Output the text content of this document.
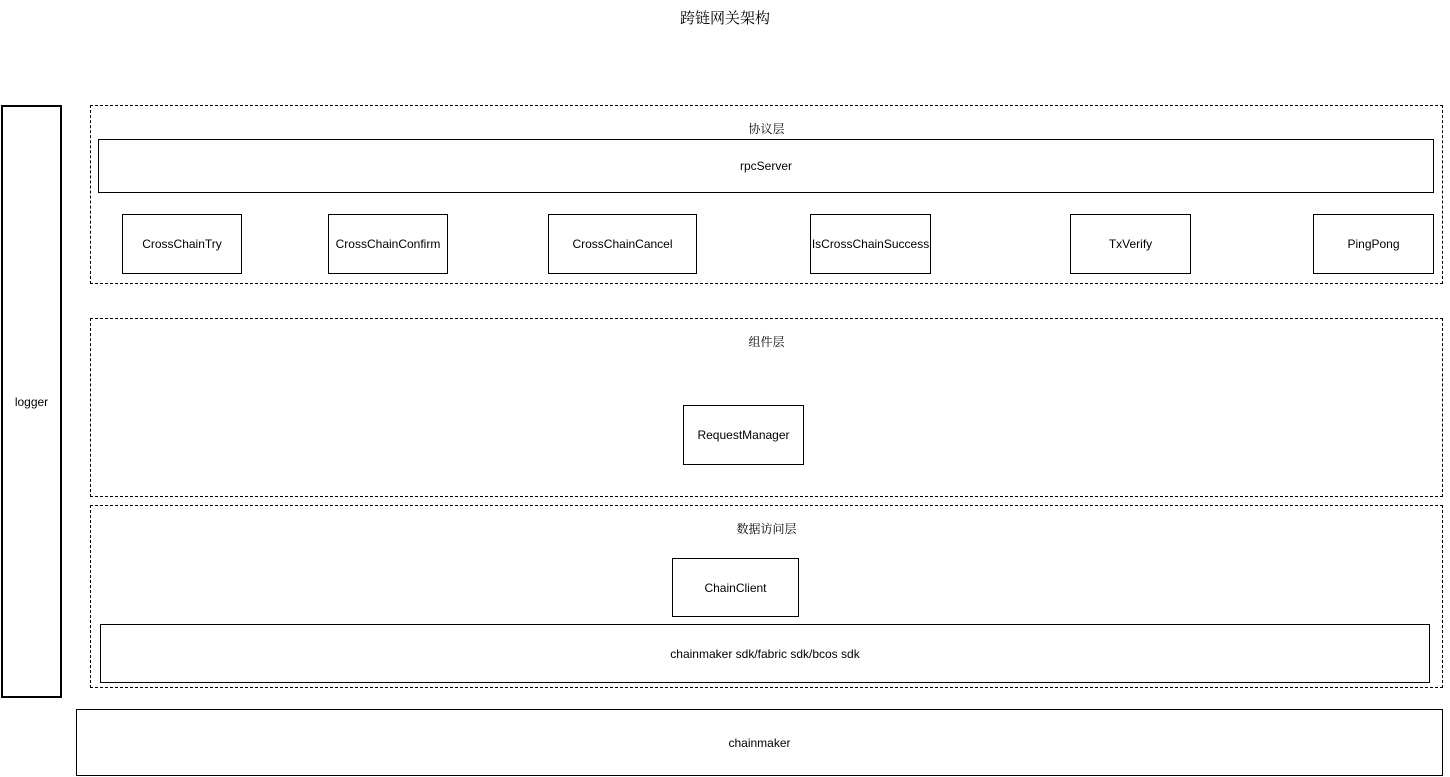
跨链网关架构
logger
协议层
rpcServer
CrossChainTry	CrossChainConfirm	CrossChainCancel	IsCrossChainSuccess	TxVerify	PingPong
组件层
RequestManager
数据访问层
ChainClient
chainmaker sdk/fabric sdk/bcos sdk
chainmaker
